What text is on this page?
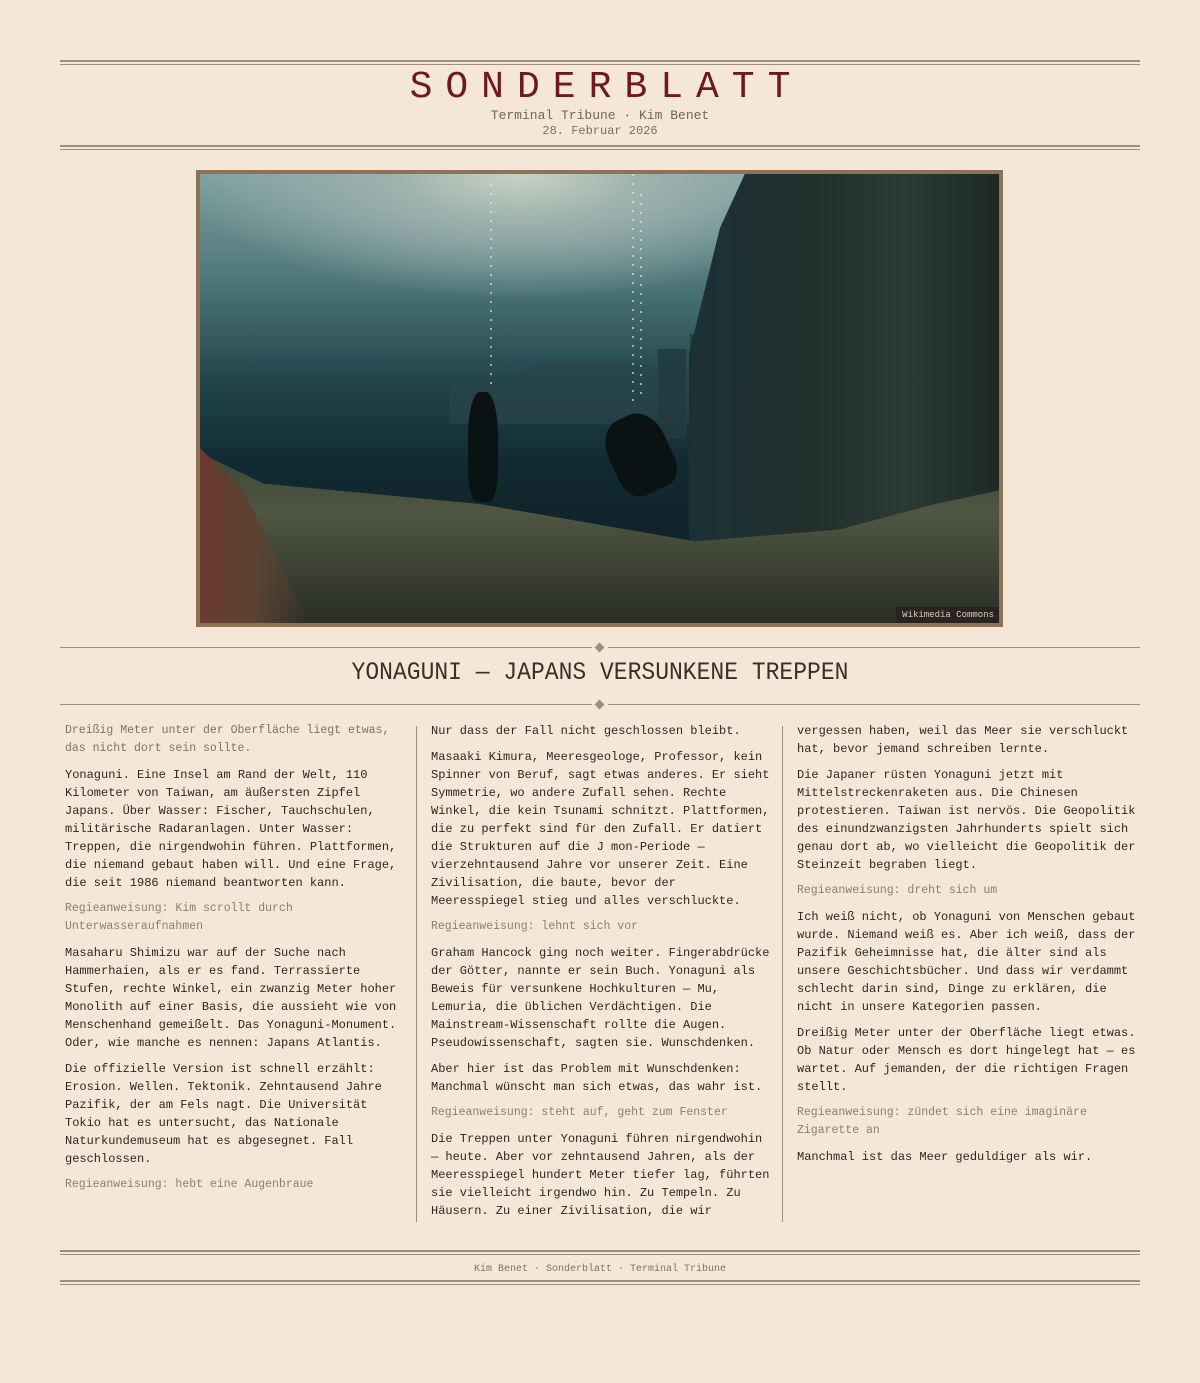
SONDERBLATT
Terminal Tribune · Kim Benet
28. Februar 2026
Wikimedia Commons
YONAGUNI — JAPANS VERSUNKENE TREPPEN

Dreißig Meter unter der Oberfläche liegt etwas, das nicht dort sein sollte.

Yonaguni. Eine Insel am Rand der Welt, 110 Kilometer von Taiwan, am äußersten Zipfel Japans. Über Wasser: Fischer, Tauchschulen, militärische Radaranlagen. Unter Wasser: Treppen, die nirgendwohin führen. Plattformen, die niemand gebaut haben will. Und eine Frage, die seit 1986 niemand beantworten kann.

Regieanweisung: Kim scrollt durch Unterwasseraufnahmen

Masaharu Shimizu war auf der Suche nach Hammerhaien, als er es fand. Terrassierte Stufen, rechte Winkel, ein zwanzig Meter hoher Monolith auf einer Basis, die aussieht wie von Menschenhand gemeißelt. Das Yonaguni-Monument. Oder, wie manche es nennen: Japans Atlantis.

Die offizielle Version ist schnell erzählt: Erosion. Wellen. Tektonik. Zehntausend Jahre Pazifik, der am Fels nagt. Die Universität Tokio hat es untersucht, das Nationale Naturkundemuseum hat es abgesegnet. Fall geschlossen.

Regieanweisung: hebt eine Augenbraue

Nur dass der Fall nicht geschlossen bleibt.

Masaaki Kimura, Meeresgeologe, Professor, kein Spinner von Beruf, sagt etwas anderes. Er sieht Symmetrie, wo andere Zufall sehen. Rechte Winkel, die kein Tsunami schnitzt. Plattformen, die zu perfekt sind für den Zufall. Er datiert die Strukturen auf die J mon-Periode — vierzehntausend Jahre vor unserer Zeit. Eine Zivilisation, die baute, bevor der Meeresspiegel stieg und alles verschluckte.

Regieanweisung: lehnt sich vor

Graham Hancock ging noch weiter. Fingerabdrücke der Götter, nannte er sein Buch. Yonaguni als Beweis für versunkene Hochkulturen — Mu, Lemuria, die üblichen Verdächtigen. Die Mainstream-Wissenschaft rollte die Augen. Pseudowissenschaft, sagten sie. Wunschdenken.

Aber hier ist das Problem mit Wunschdenken: Manchmal wünscht man sich etwas, das wahr ist.

Regieanweisung: steht auf, geht zum Fenster

Die Treppen unter Yonaguni führen nirgendwohin — heute. Aber vor zehntausend Jahren, als der Meeresspiegel hundert Meter tiefer lag, führten sie vielleicht irgendwo hin. Zu Tempeln. Zu Häusern. Zu einer Zivilisation, die wir

vergessen haben, weil das Meer sie verschluckt hat, bevor jemand schreiben lernte.

Die Japaner rüsten Yonaguni jetzt mit Mittelstreckenraketen aus. Die Chinesen protestieren. Taiwan ist nervös. Die Geopolitik des einundzwanzigsten Jahrhunderts spielt sich genau dort ab, wo vielleicht die Geopolitik der Steinzeit begraben liegt.

Regieanweisung: dreht sich um

Ich weiß nicht, ob Yonaguni von Menschen gebaut wurde. Niemand weiß es. Aber ich weiß, dass der Pazifik Geheimnisse hat, die älter sind als unsere Geschichtsbücher. Und dass wir verdammt schlecht darin sind, Dinge zu erklären, die nicht in unsere Kategorien passen.

Dreißig Meter unter der Oberfläche liegt etwas. Ob Natur oder Mensch es dort hingelegt hat — es wartet. Auf jemanden, der die richtigen Fragen stellt.

Regieanweisung: zündet sich eine imaginäre Zigarette an

Manchmal ist das Meer geduldiger als wir.

Kim Benet · Sonderblatt · Terminal Tribune
